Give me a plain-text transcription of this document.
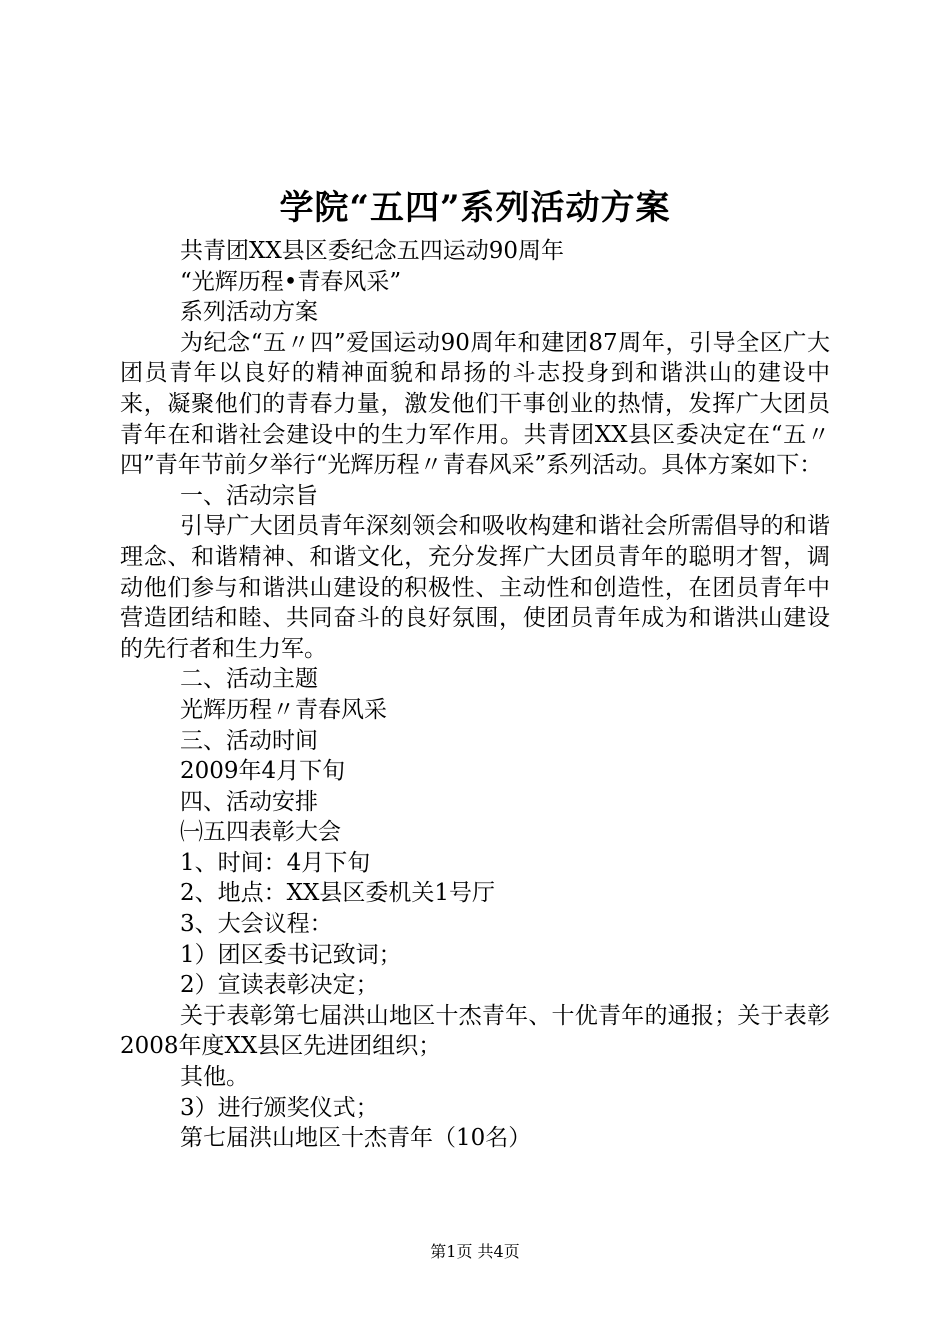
学院“五四”系列活动方案

共青团XX县区委纪念五四运动90周年

“光辉历程•青春风采”

系列活动方案

为纪念“五〃四”爱国运动90周年和建团87周年，引导全区广大团员青年以良好的精神面貌和昂扬的斗志投身到和谐洪山的建设中来，凝聚他们的青春力量，激发他们干事创业的热情，发挥广大团员青年在和谐社会建设中的生力军作用。共青团XX县区委决定在“五〃四”青年节前夕举行“光辉历程〃青春风采”系列活动。具体方案如下：

一、活动宗旨

引导广大团员青年深刻领会和吸收构建和谐社会所需倡导的和谐理念、和谐精神、和谐文化，充分发挥广大团员青年的聪明才智，调动他们参与和谐洪山建设的积极性、主动性和创造性，在团员青年中营造团结和睦、共同奋斗的良好氛围，使团员青年成为和谐洪山建设的先行者和生力军。

二、活动主题

光辉历程〃青春风采

三、活动时间

2009年4月下旬

四、活动安排

㈠五四表彰大会

1、时间：4月下旬

2、地点：XX县区委机关1号厅

3、大会议程：

1）团区委书记致词；

2）宣读表彰决定；

关于表彰第七届洪山地区十杰青年、十优青年的通报；关于表彰2008年度XX县区先进团组织；

其他。

3）进行颁奖仪式；

第七届洪山地区十杰青年（10名）

第1页 共4页
